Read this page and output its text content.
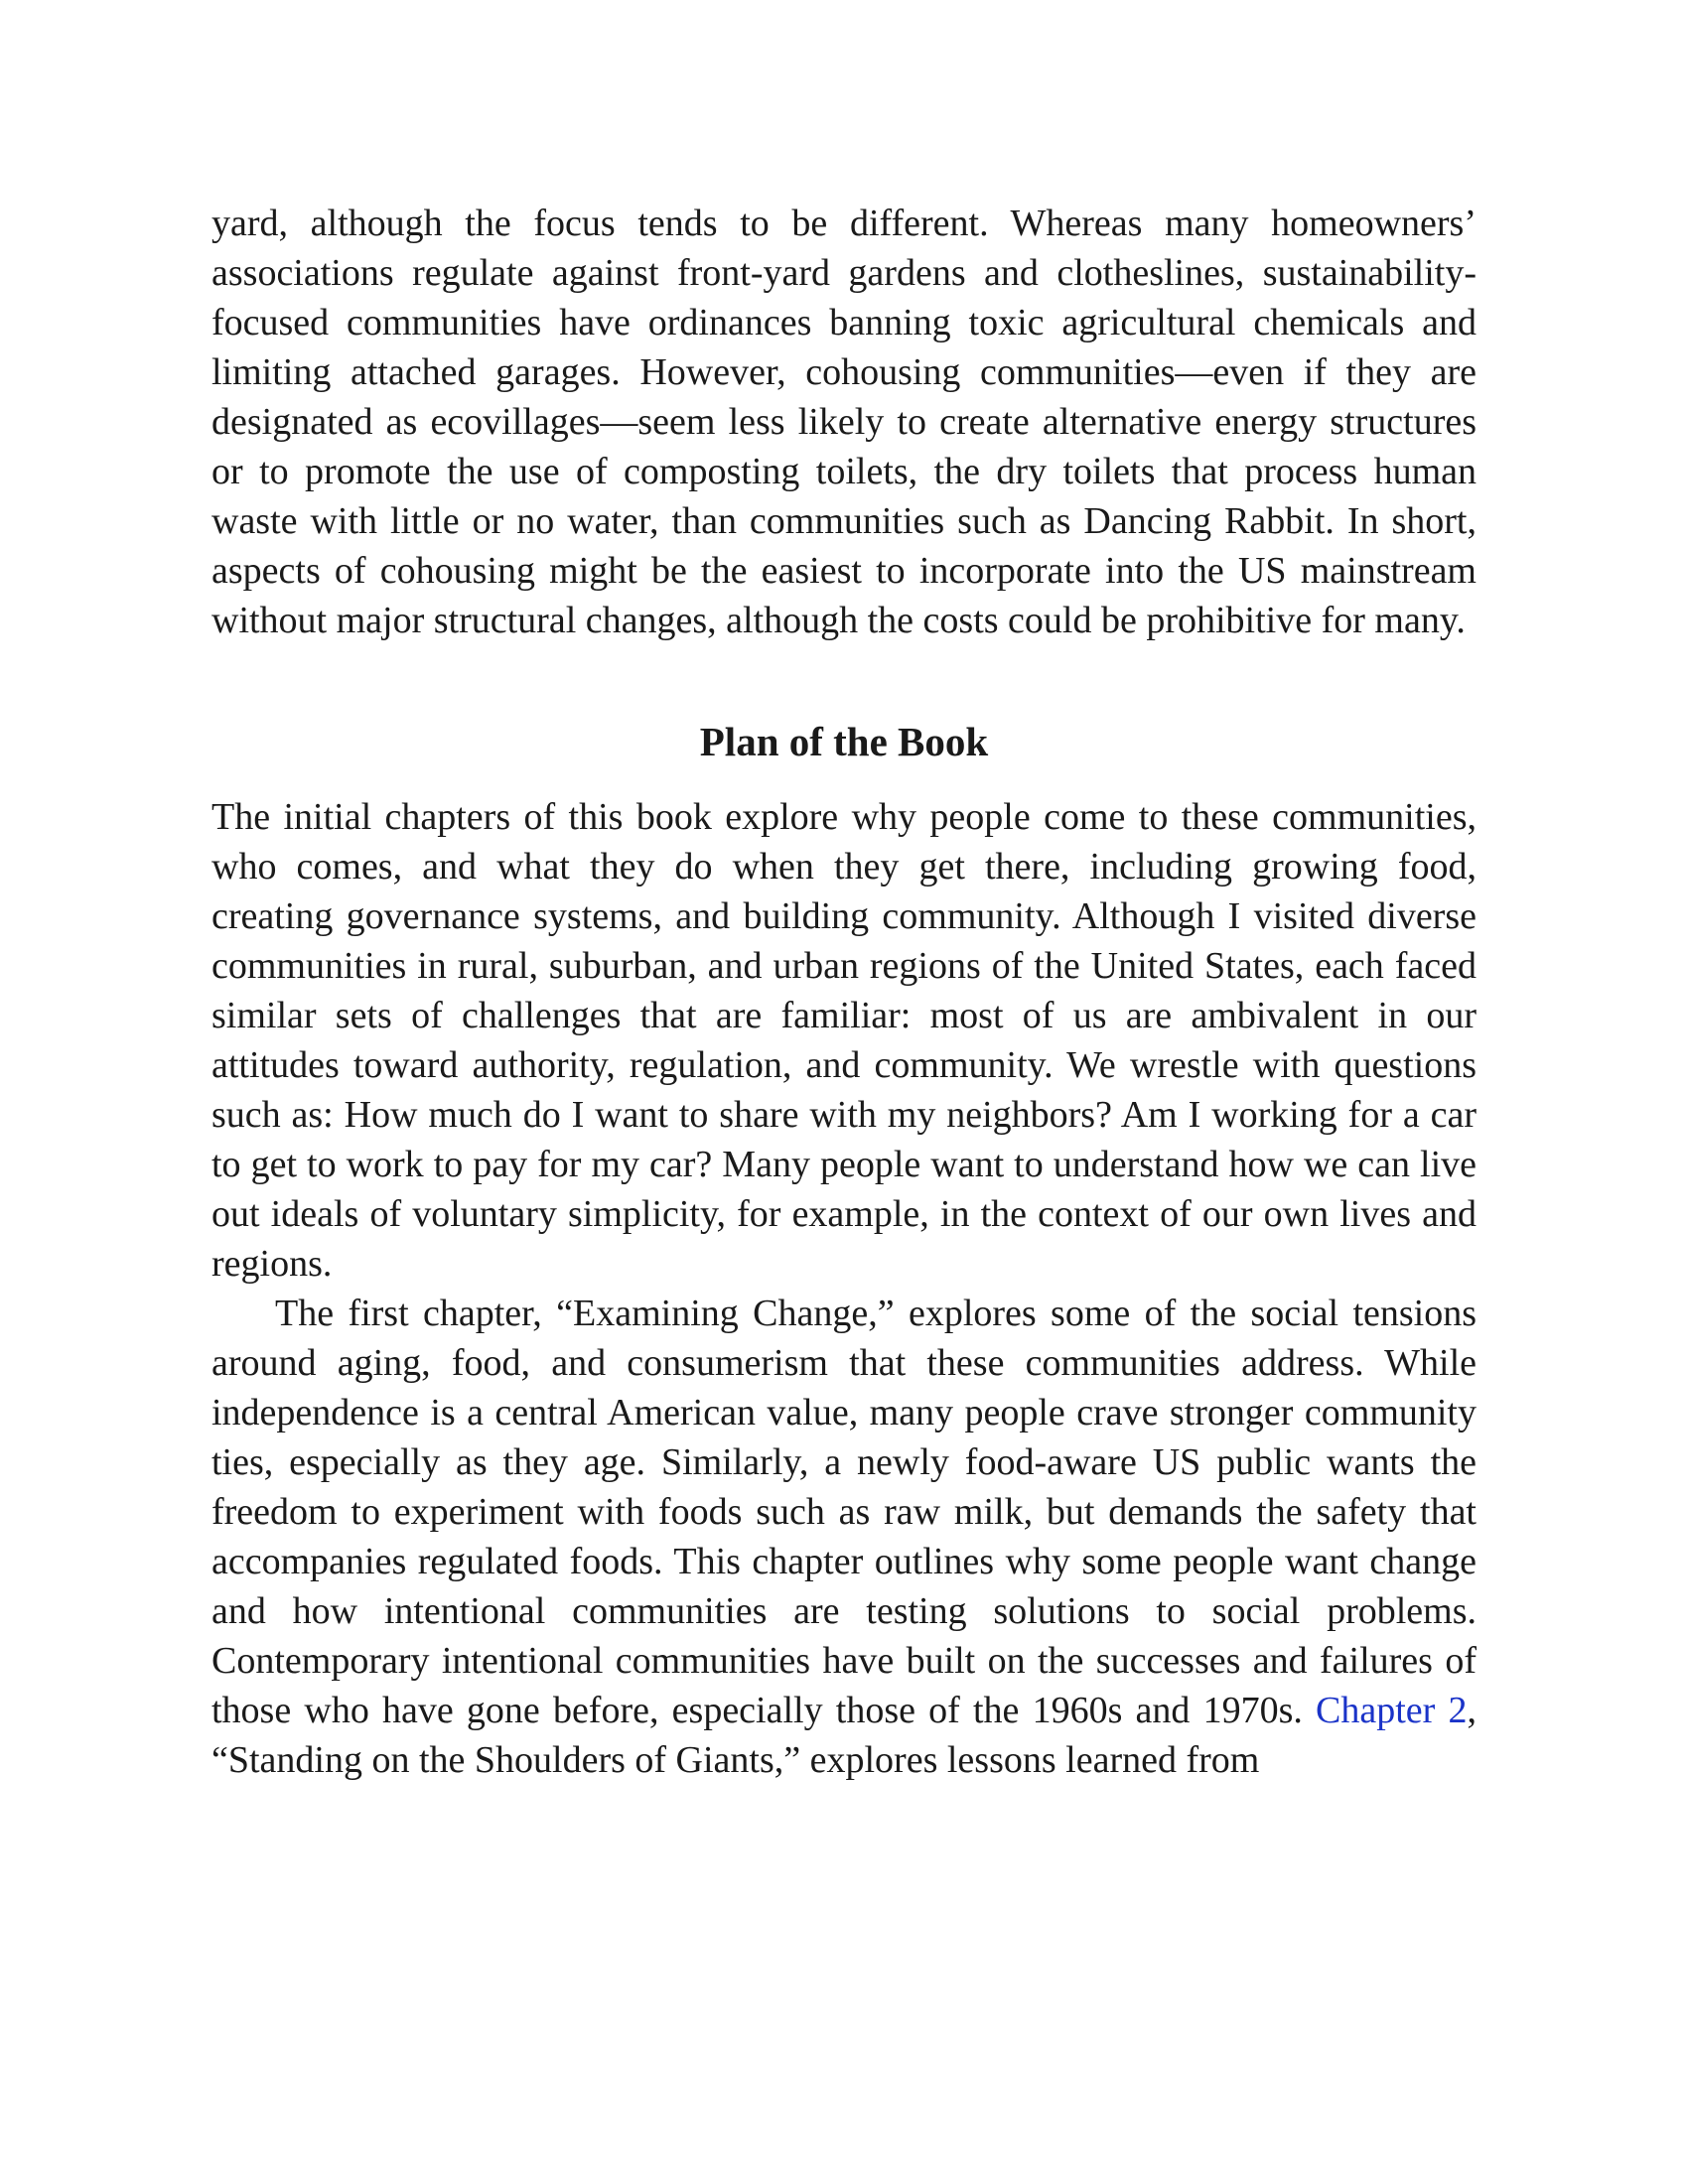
yard, although the focus tends to be different. Whereas many homeowners’ associations regulate against front-yard gardens and clotheslines, sustainability-focused communities have ordinances banning toxic agricultural chemicals and limiting attached garages. However, cohousing communities—even if they are designated as ecovillages—seem less likely to create alternative energy structures or to promote the use of composting toilets, the dry toilets that process human waste with little or no water, than communities such as Dancing Rabbit. In short, aspects of cohousing might be the easiest to incorporate into the US mainstream without major structural changes, although the costs could be prohibitive for many.

Plan of the Book

The initial chapters of this book explore why people come to these communities, who comes, and what they do when they get there, including growing food, creating governance systems, and building community. Although I visited diverse communities in rural, suburban, and urban regions of the United States, each faced similar sets of challenges that are familiar: most of us are ambivalent in our attitudes toward authority, regulation, and community. We wrestle with questions such as: How much do I want to share with my neighbors? Am I working for a car to get to work to pay for my car? Many people want to understand how we can live out ideals of voluntary simplicity, for example, in the context of our own lives and regions.

The first chapter, “Examining Change,” explores some of the social tensions around aging, food, and consumerism that these communities address. While independence is a central American value, many people crave stronger community ties, especially as they age. Similarly, a newly food-aware US public wants the freedom to experiment with foods such as raw milk, but demands the safety that accompanies regulated foods. This chapter outlines why some people want change and how intentional communities are testing solutions to social problems. Contemporary intentional communities have built on the successes and failures of those who have gone before, especially those of the 1960s and 1970s. Chapter 2, “Standing on the Shoulders of Giants,” explores lessons learned from
